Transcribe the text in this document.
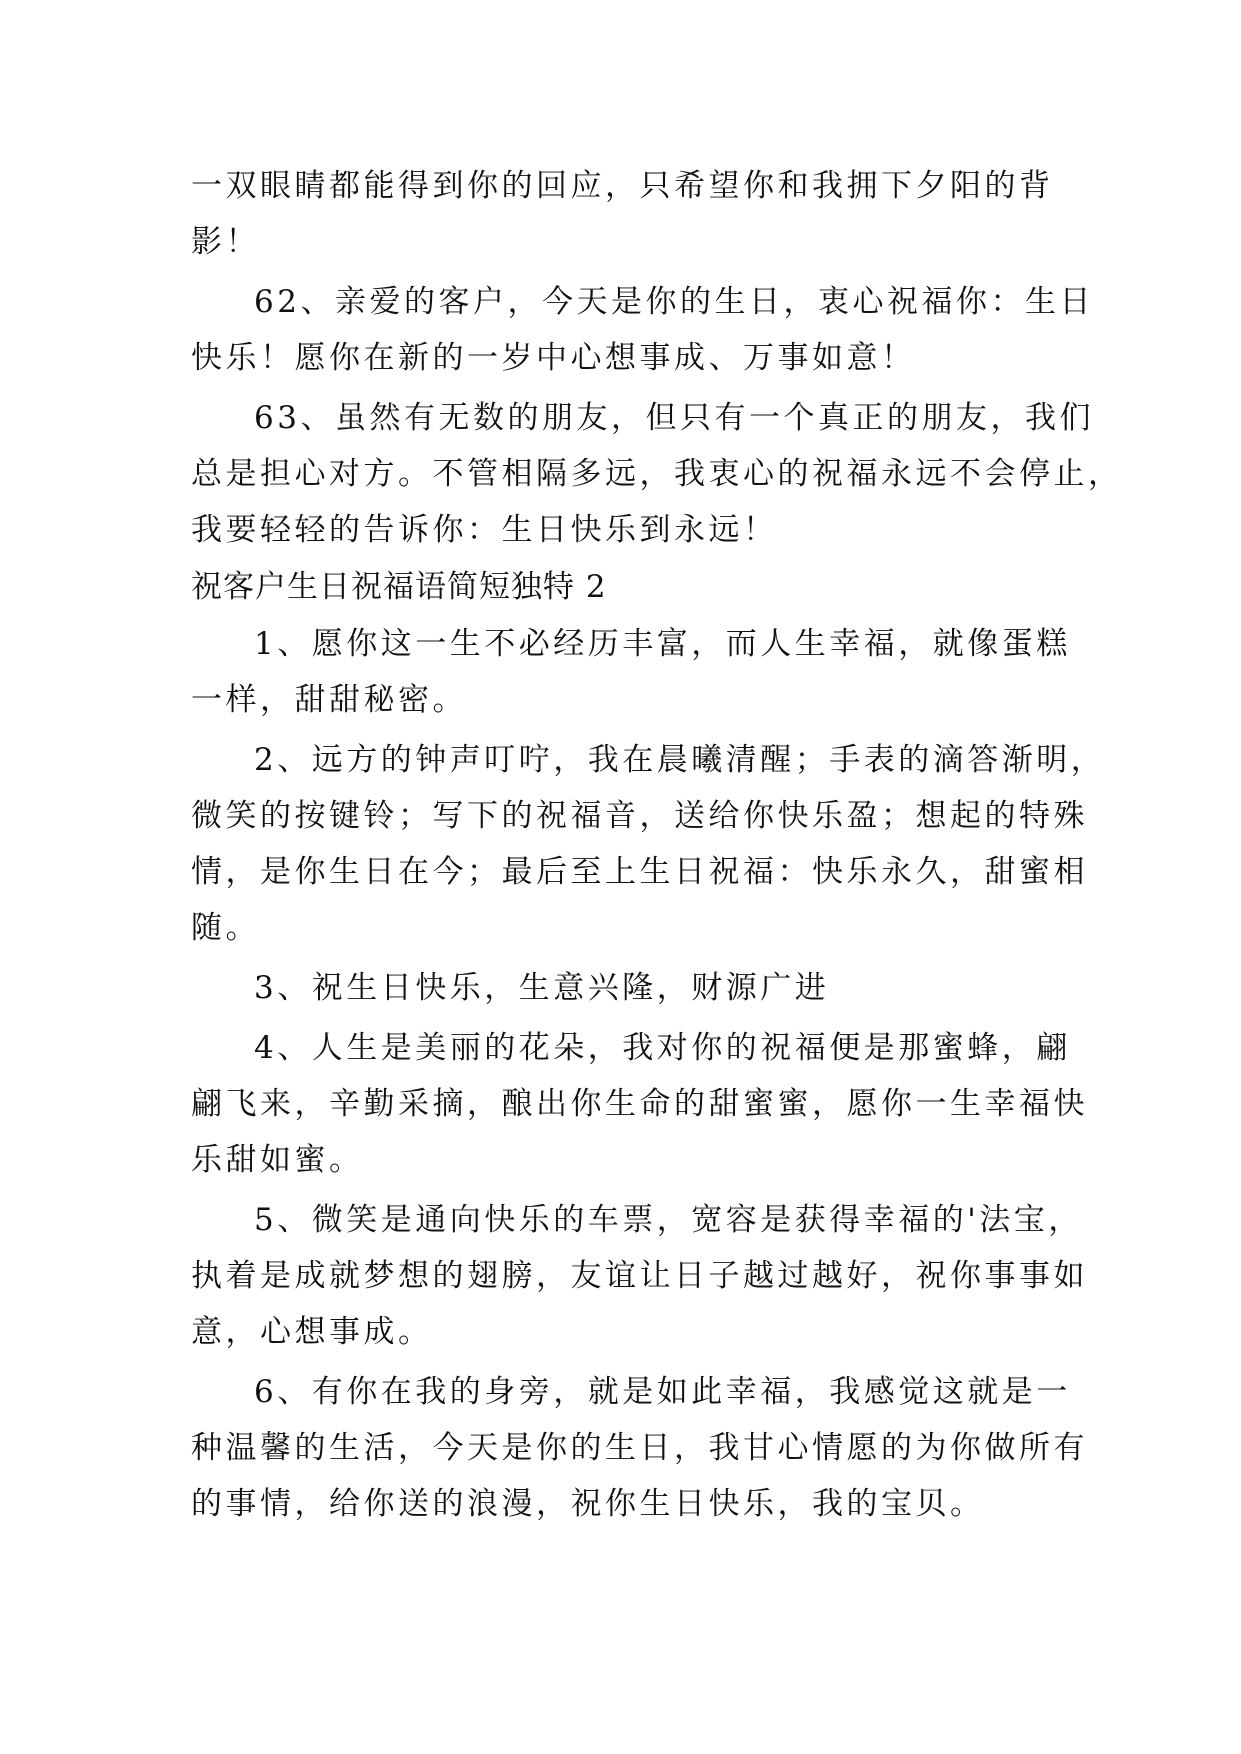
一双眼睛都能得到你的回应，只希望你和我拥下夕阳的背
影！
62、亲爱的客户，今天是你的生日，衷心祝福你：生日
快乐！愿你在新的一岁中心想事成、万事如意！
63、虽然有无数的朋友，但只有一个真正的朋友，我们
总是担心对方。不管相隔多远，我衷心的祝福永远不会停止，
我要轻轻的告诉你：生日快乐到永远！
祝客户生日祝福语简短独特 2
1、愿你这一生不必经历丰富，而人生幸福，就像蛋糕
一样，甜甜秘密。
2、远方的钟声叮咛，我在晨曦清醒；手表的滴答渐明，
微笑的按键铃；写下的祝福音，送给你快乐盈；想起的特殊
情，是你生日在今；最后至上生日祝福：快乐永久，甜蜜相
随。
3、祝生日快乐，生意兴隆，财源广进
4、人生是美丽的花朵，我对你的祝福便是那蜜蜂，翩
翩飞来，辛勤采摘，酿出你生命的甜蜜蜜，愿你一生幸福快
乐甜如蜜。
5、微笑是通向快乐的车票，宽容是获得幸福的'法宝，
执着是成就梦想的翅膀，友谊让日子越过越好，祝你事事如
意，心想事成。
6、有你在我的身旁，就是如此幸福，我感觉这就是一
种温馨的生活，今天是你的生日，我甘心情愿的为你做所有
的事情，给你送的浪漫，祝你生日快乐，我的宝贝。
